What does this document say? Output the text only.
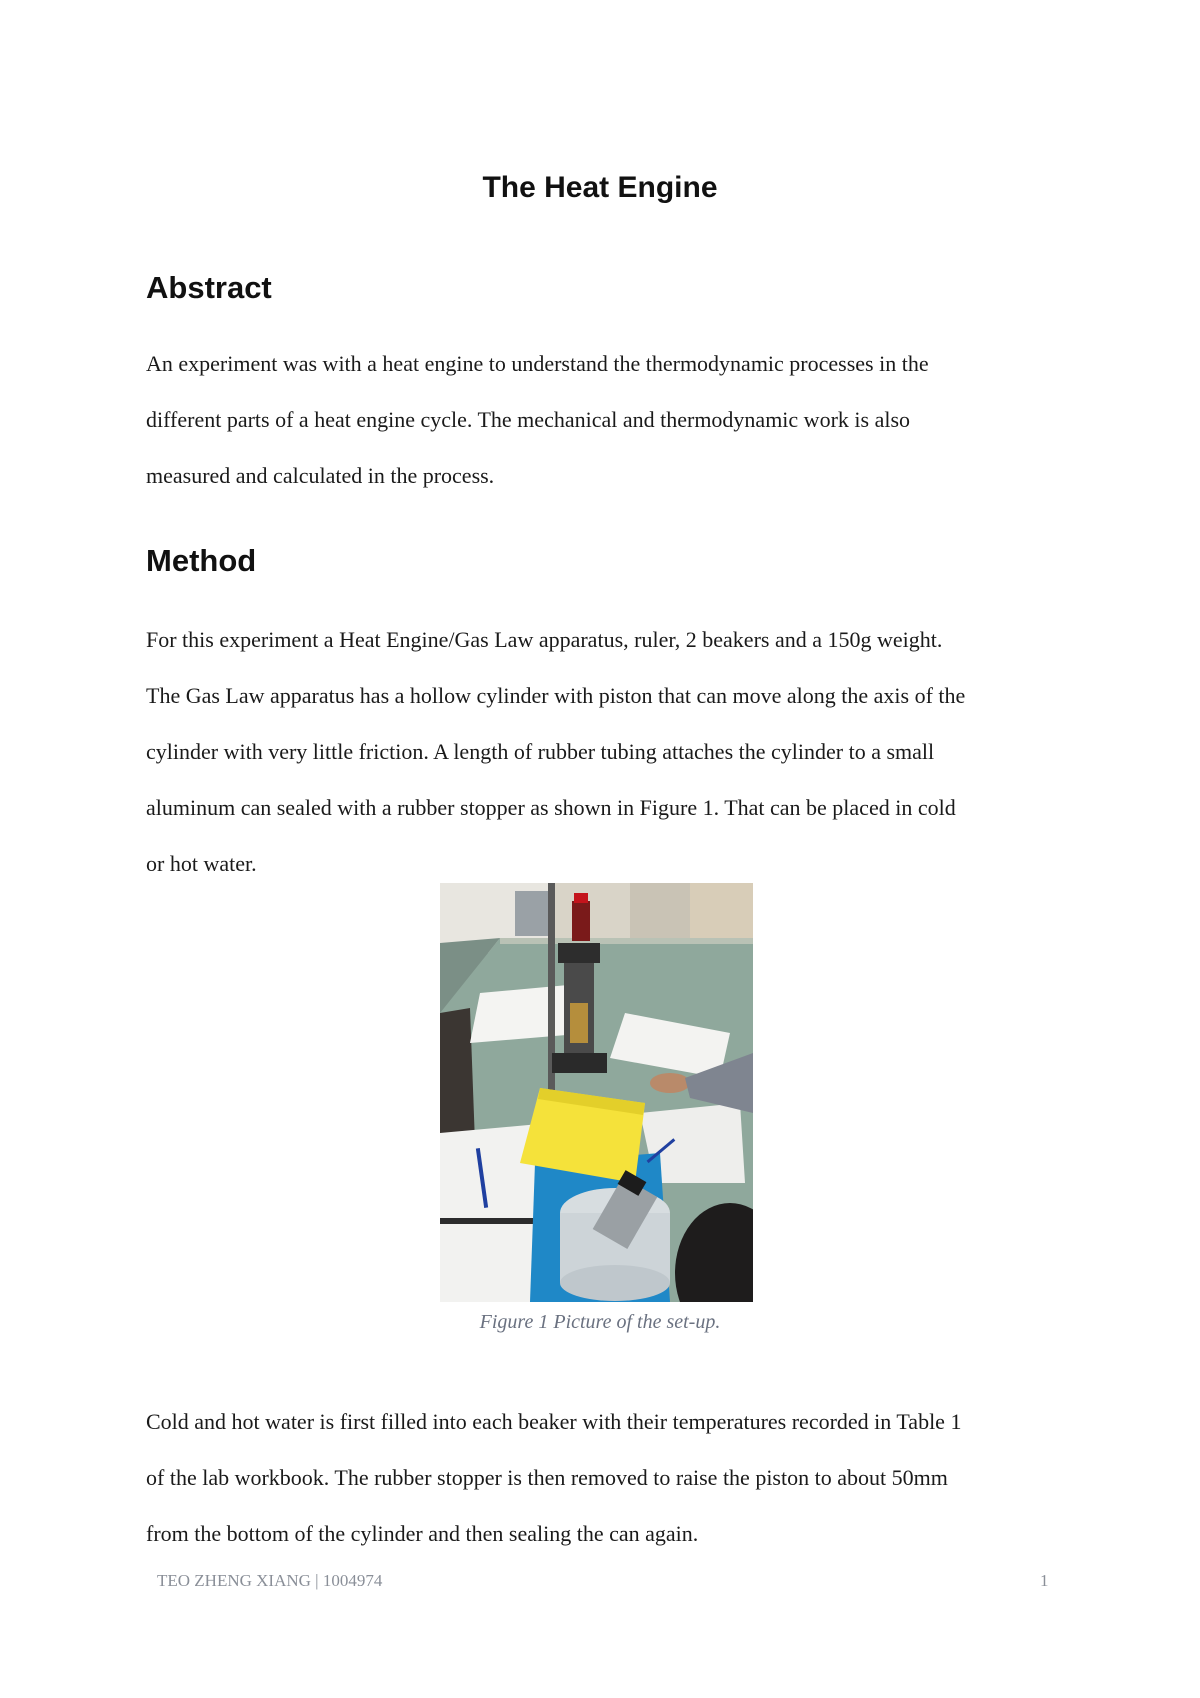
The Heat Engine
Abstract

An experiment was with a heat engine to understand the thermodynamic processes in the
different parts of a heat engine cycle. The mechanical and thermodynamic work is also
measured and calculated in the process.

Method

For this experiment a Heat Engine/Gas Law apparatus, ruler, 2 beakers and a 150g weight.
The Gas Law apparatus has a hollow cylinder with piston that can move along the axis of the
cylinder with very little friction. A length of rubber tubing attaches the cylinder to a small
aluminum can sealed with a rubber stopper as shown in Figure 1. That can be placed in cold
or hot water.

Figure 1 Picture of the set-up.

Cold and hot water is first filled into each beaker with their temperatures recorded in Table 1
of the lab workbook. The rubber stopper is then removed to raise the piston to about 50mm
from the bottom of the cylinder and then sealing the can again.

TEO ZHENG XIANG | 1004974	1
